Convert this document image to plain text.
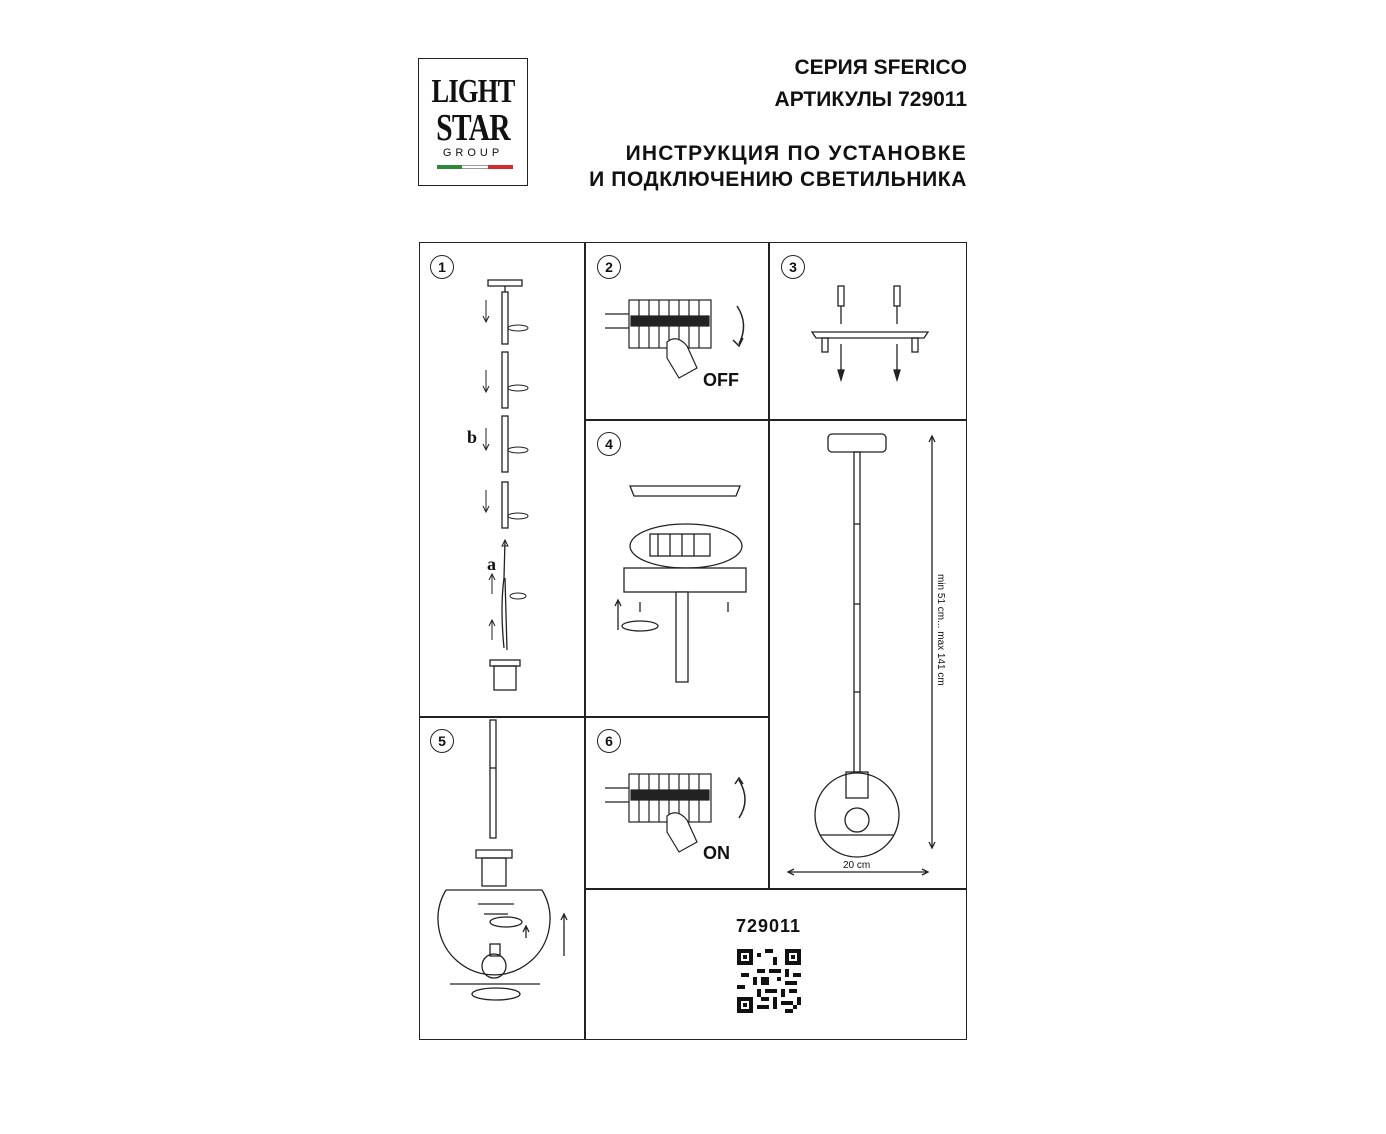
LIGHT
STAR
GROUP
СЕРИЯ SFERICO
АРТИКУЛЫ 729011
ИНСТРУКЦИЯ ПО УСТАНОВКЕ
И ПОДКЛЮЧЕНИЮ СВЕТИЛЬНИКА
1	2	3
4
5	6
b
a
OFF
min 51 cm... max 141 cm
20 cm
ON
729011
